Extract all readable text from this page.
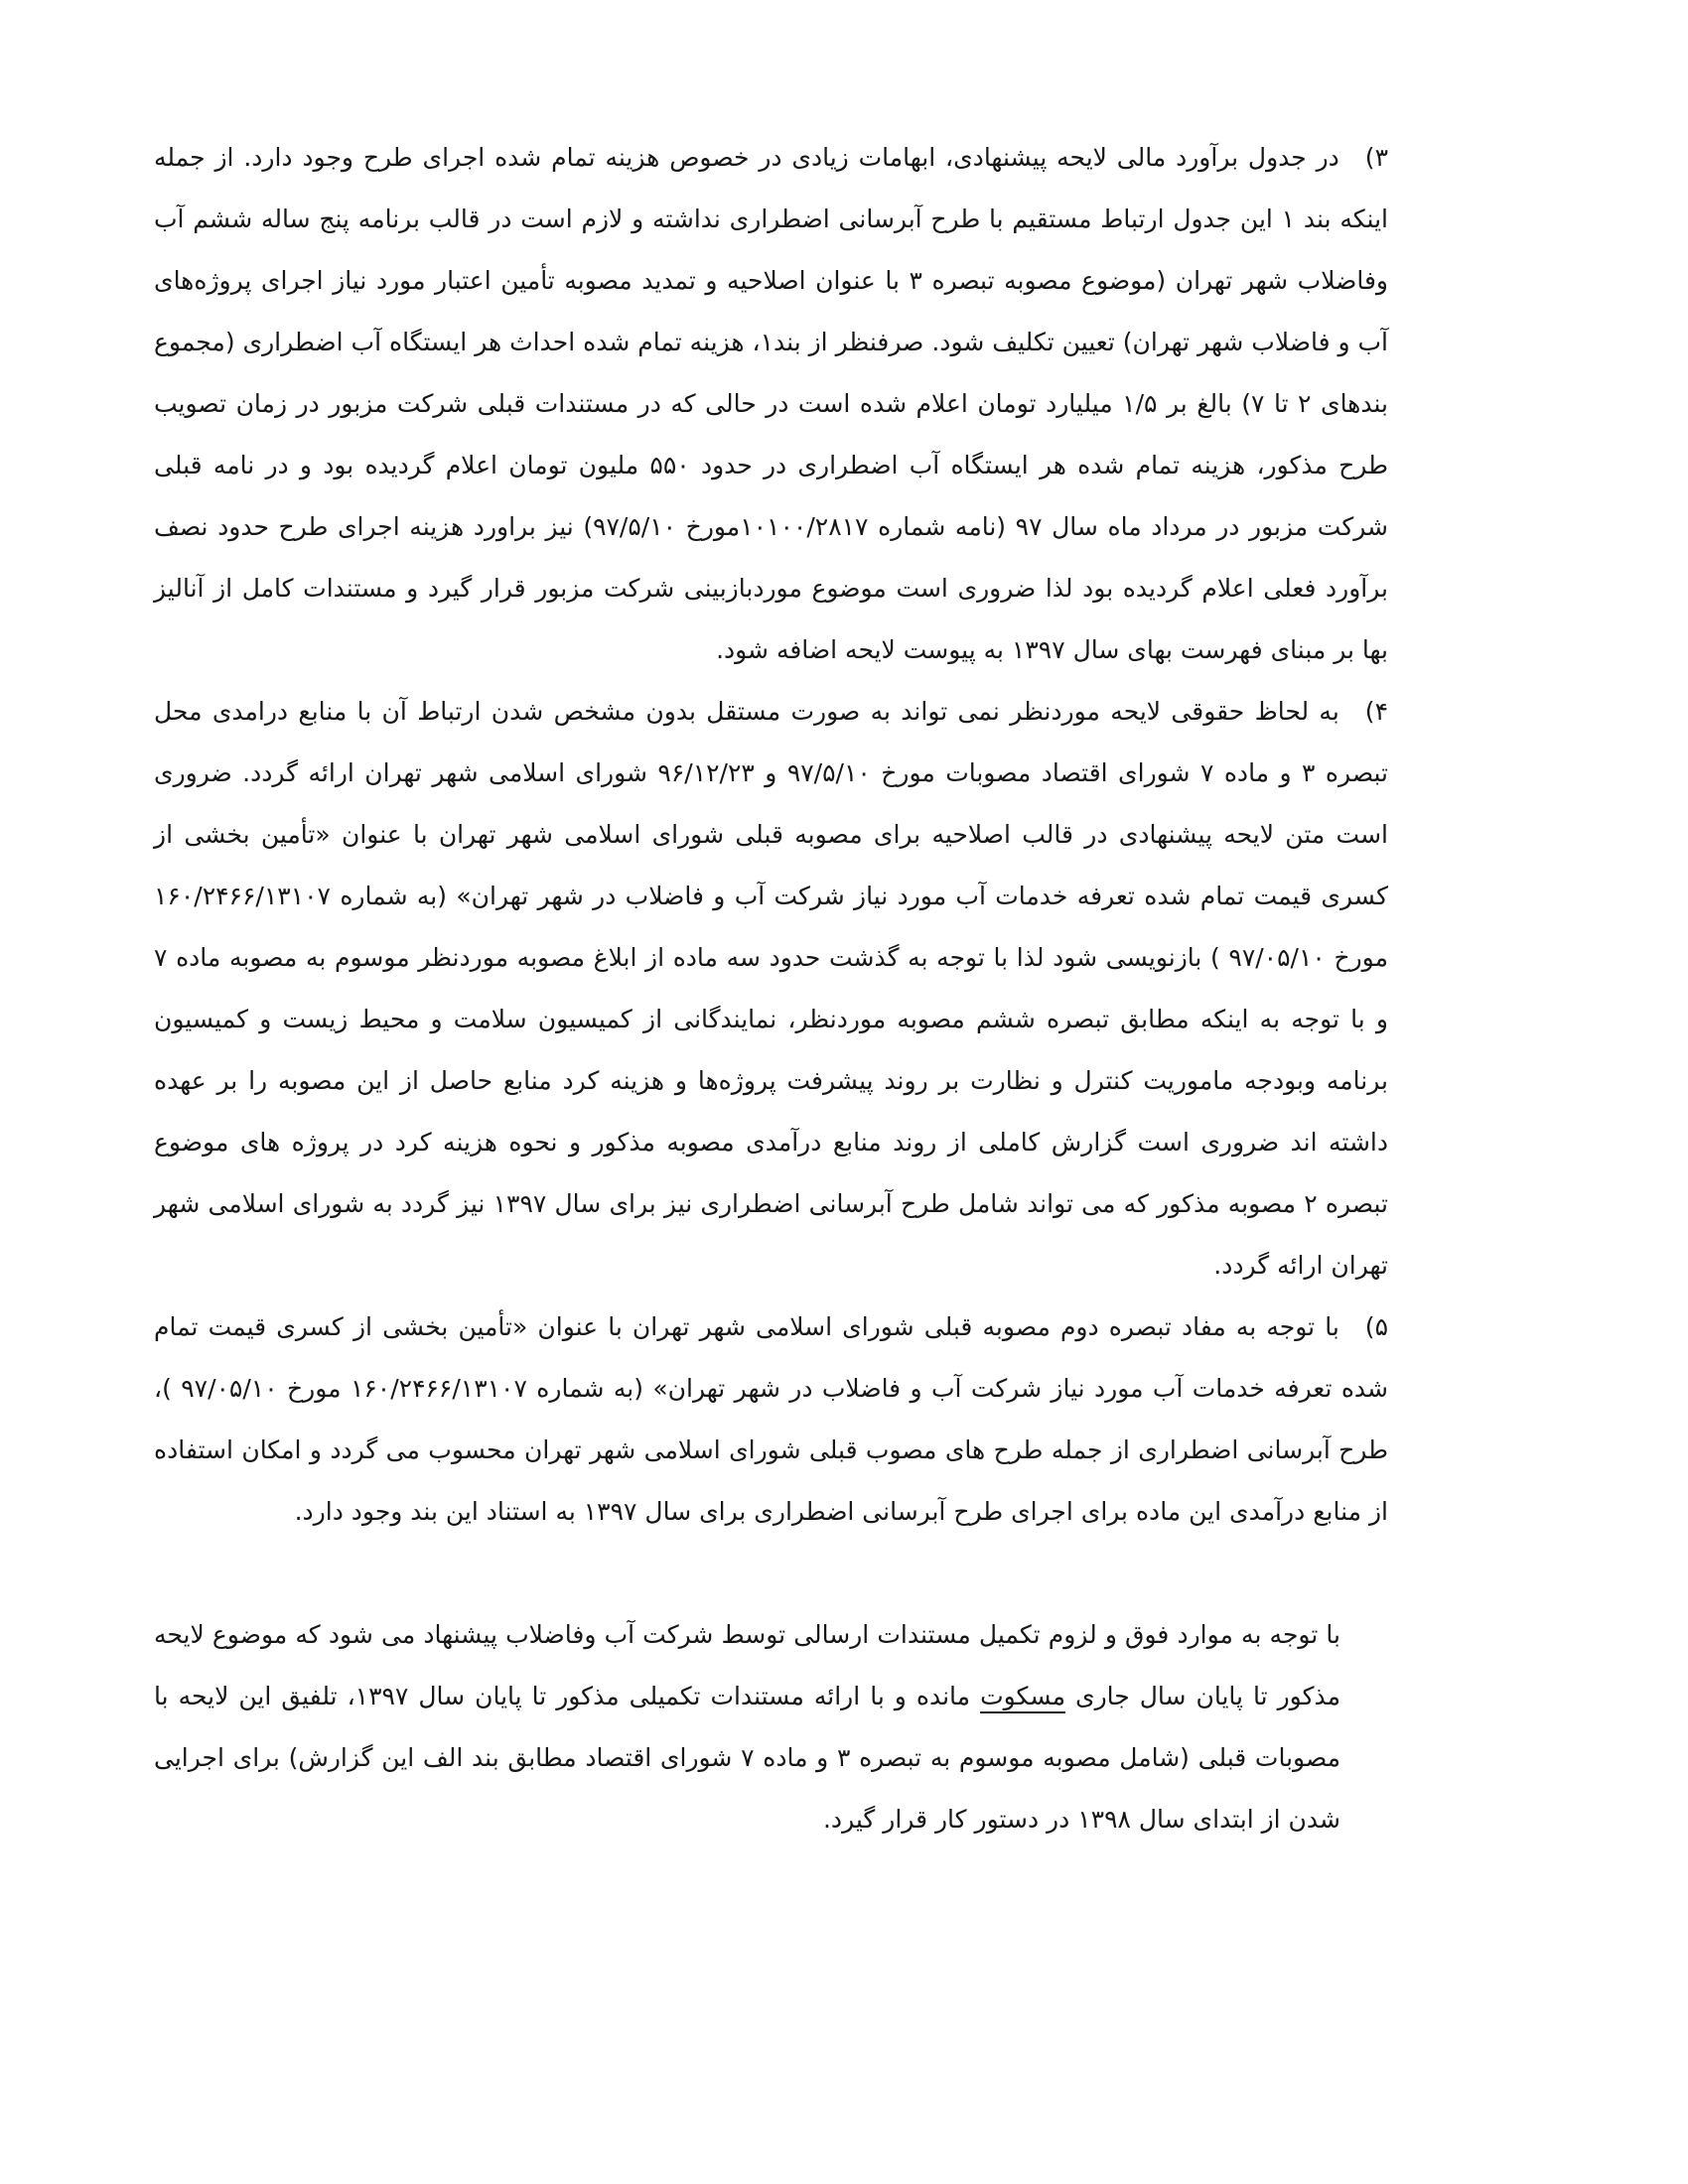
۳)در جدول برآورد مالی لایحه پیشنهادی، ابهامات زیادی در خصوص هزینه تمام شده اجرای طرح وجود دارد. از جمله اینکه بند ۱ این جدول ارتباط مستقیم با طرح آبرسانی اضطراری نداشته و لازم است در قالب برنامه پنج ساله ششم آب وفاضلاب شهر تهران (موضوع مصوبه تبصره ۳ با عنوان اصلاحیه و تمدید مصوبه تأمین اعتبار مورد نیاز اجرای پروژه‌های آب و فاضلاب شهر تهران) تعیین تکلیف شود. صرفنظر از بند۱، هزینه تمام شده احداث هر ایستگاه آب اضطراری (مجموع بندهای ۲ تا ۷) بالغ بر ۱/۵ میلیارد تومان اعلام شده است در حالی که در مستندات قبلی شرکت مزبور در زمان تصویب طرح مذکور، هزینه تمام شده هر ایستگاه آب اضطراری در حدود ۵۵۰ ملیون تومان اعلام گردیده بود و در نامه قبلی شرکت مزبور در مرداد ماه سال ۹۷ (نامه شماره ۱۰۱۰۰/۲۸۱۷مورخ ۹۷/۵/۱۰) نیز براورد هزینه اجرای طرح حدود نصف برآورد فعلی اعلام گردیده بود لذا ضروری است موضوع موردبازبینی شرکت مزبور قرار گیرد و مستندات کامل از آنالیز بها بر مبنای فهرست بهای سال ۱۳۹۷ به پیوست لایحه اضافه شود.

۴)به لحاظ حقوقی لایحه موردنظر نمی تواند به صورت مستقل بدون مشخص شدن ارتباط آن با منابع درامدی محل تبصره ۳ و ماده ۷ شورای اقتصاد مصوبات مورخ ۹۷/۵/۱۰ و ۹۶/۱۲/۲۳ شورای اسلامی شهر تهران ارائه گردد. ضروری است متن لایحه پیشنهادی در قالب اصلاحیه برای مصوبه قبلی شورای اسلامی شهر تهران با عنوان «تأمین بخشی از کسری قیمت تمام شده تعرفه خدمات آب مورد نیاز شرکت آب و فاضلاب در شهر تهران» (به شماره ۱۶۰/۲۴۶۶/۱۳۱۰۷ مورخ ۹۷/۰۵/۱۰ ) بازنویسی شود لذا با توجه به گذشت حدود سه ماده از ابلاغ مصوبه موردنظر موسوم به مصوبه ماده ۷ و با توجه به اینکه مطابق تبصره ششم مصوبه موردنظر، نمایندگانی از کمیسیون سلامت و محیط زیست و کمیسیون برنامه وبودجه ماموریت کنترل و نظارت بر روند پیشرفت پروژه‌ها و هزینه کرد منابع حاصل از این مصوبه را بر عهده داشته اند ضروری است گزارش کاملی از روند منابع درآمدی مصوبه مذکور و نحوه هزینه کرد در پروژه های موضوع تبصره ۲ مصوبه مذکور که می تواند شامل طرح آبرسانی اضطراری نیز برای سال ۱۳۹۷ نیز گردد به شورای اسلامی شهر تهران ارائه گردد.

۵)با توجه به مفاد تبصره دوم مصوبه قبلی شورای اسلامی شهر تهران با عنوان «تأمین بخشی از کسری قیمت تمام شده تعرفه خدمات آب مورد نیاز شرکت آب و فاضلاب در شهر تهران» (به شماره ۱۶۰/۲۴۶۶/۱۳۱۰۷ مورخ ۹۷/۰۵/۱۰ )، طرح آبرسانی اضطراری از جمله طرح های مصوب قبلی شورای اسلامی شهر تهران محسوب می گردد و امکان استفاده از منابع درآمدی این ماده برای اجرای طرح آبرسانی اضطراری برای سال ۱۳۹۷ به استناد این بند وجود دارد.

با توجه به موارد فوق و لزوم تکمیل مستندات ارسالی توسط شرکت آب وفاضلاب پیشنهاد می شود که موضوع لایحه مذکور تا پایان سال جاری مسکوت مانده و با ارائه مستندات تکمیلی مذکور تا پایان سال ۱۳۹۷، تلفیق این لایحه با مصوبات قبلی (شامل مصوبه موسوم به تبصره ۳ و ماده ۷ شورای اقتصاد مطابق بند الف این گزارش) برای اجرایی شدن از ابتدای سال ۱۳۹۸ در دستور کار قرار گیرد.
